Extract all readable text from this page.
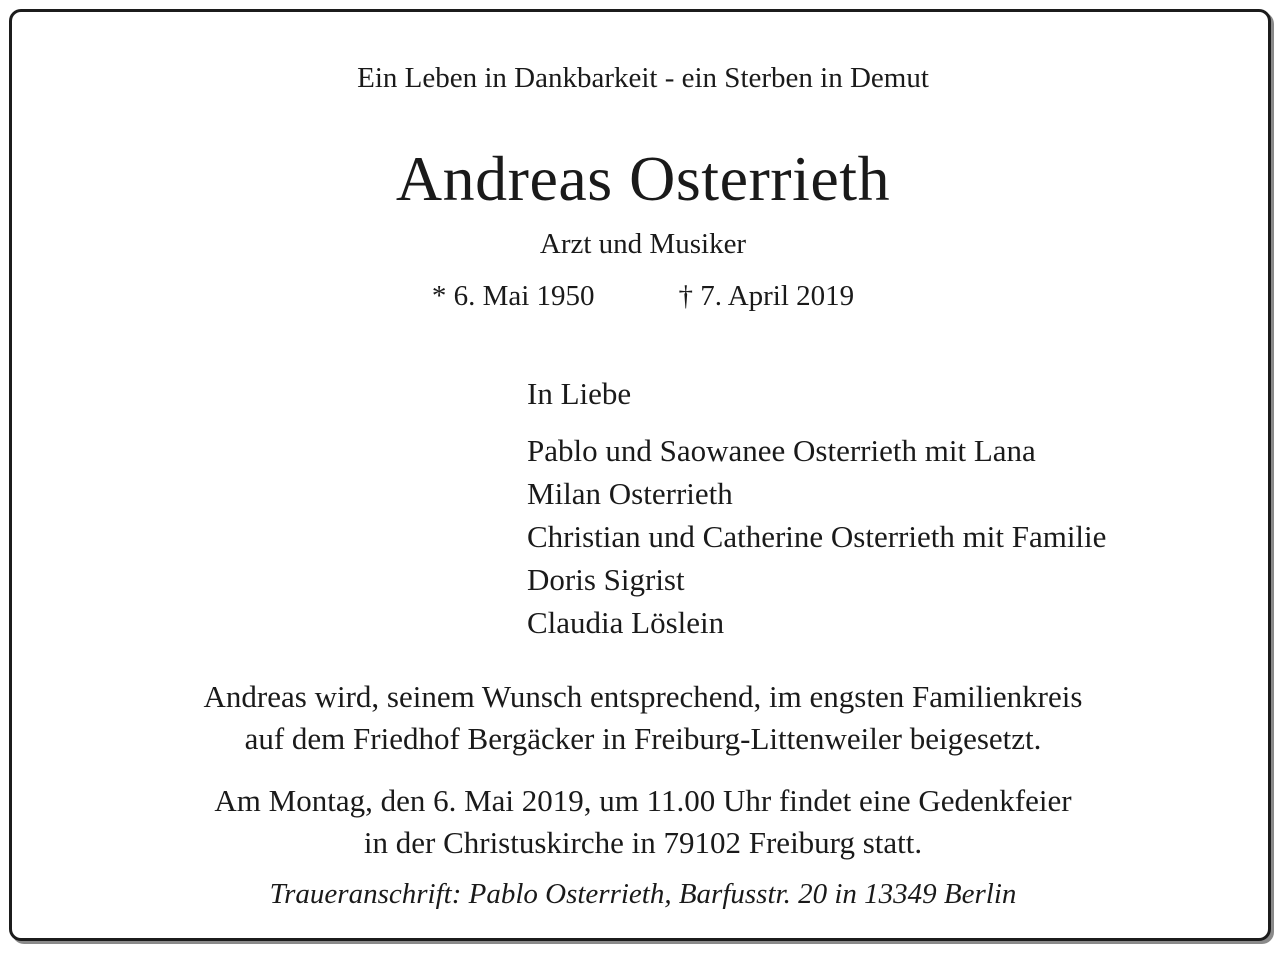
Ein Leben in Dankbarkeit - ein Sterben in Demut
Andreas Osterrieth
Arzt und Musiker
* 6. Mai 1950	† 7. April 2019
In Liebe
Pablo und Saowanee Osterrieth mit Lana
Milan Osterrieth
Christian und Catherine Osterrieth mit Familie
Doris Sigrist
Claudia Löslein
Andreas wird, seinem Wunsch entsprechend, im engsten Familienkreis
auf dem Friedhof Bergäcker in Freiburg-Littenweiler beigesetzt.
Am Montag, den 6. Mai 2019, um 11.00 Uhr findet eine Gedenkfeier
in der Christuskirche in 79102 Freiburg statt.
Traueranschrift: Pablo Osterrieth, Barfusstr. 20 in 13349 Berlin
